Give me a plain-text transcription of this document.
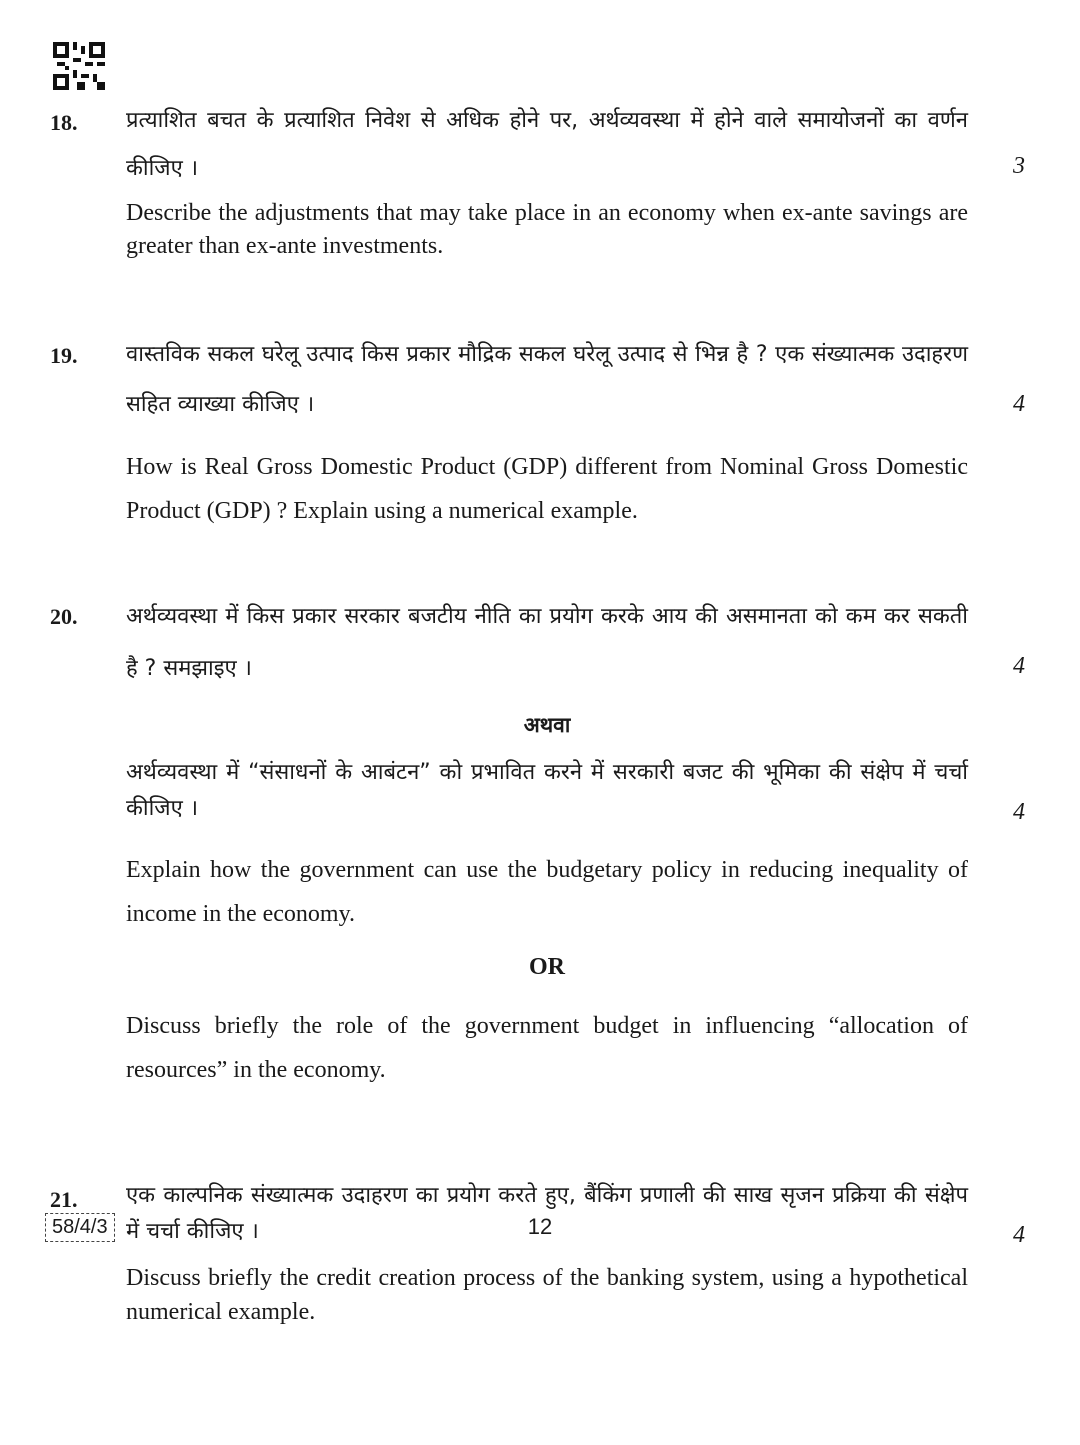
18. प्रत्याशित बचत के प्रत्याशित निवेश से अधिक होने पर, अर्थव्यवस्था में होने वाले समायोजनों का वर्णन कीजिए ।	3
Describe the adjustments that may take place in an economy when ex-ante savings are greater than ex-ante investments.
19. वास्तविक सकल घरेलू उत्पाद किस प्रकार मौद्रिक सकल घरेलू उत्पाद से भिन्न है ? एक संख्यात्मक उदाहरण सहित व्याख्या कीजिए ।	4
How is Real Gross Domestic Product (GDP) different from Nominal Gross Domestic Product (GDP) ? Explain using a numerical example.
20. अर्थव्यवस्था में किस प्रकार सरकार बजटीय नीति का प्रयोग करके आय की असमानता को कम कर सकती है ? समझाइए ।	4
अथवा
अर्थव्यवस्था में “संसाधनों के आबंटन” को प्रभावित करने में सरकारी बजट की भूमिका की संक्षेप में चर्चा कीजिए ।	4
Explain how the government can use the budgetary policy in reducing inequality of income in the economy.
OR
Discuss briefly the role of the government budget in influencing “allocation of resources” in the economy.
21. एक काल्पनिक संख्यात्मक उदाहरण का प्रयोग करते हुए, बैंकिंग प्रणाली की साख सृजन प्रक्रिया की संक्षेप में चर्चा कीजिए ।	4
Discuss briefly the credit creation process of the banking system, using a hypothetical numerical example.
58/4/3	12
